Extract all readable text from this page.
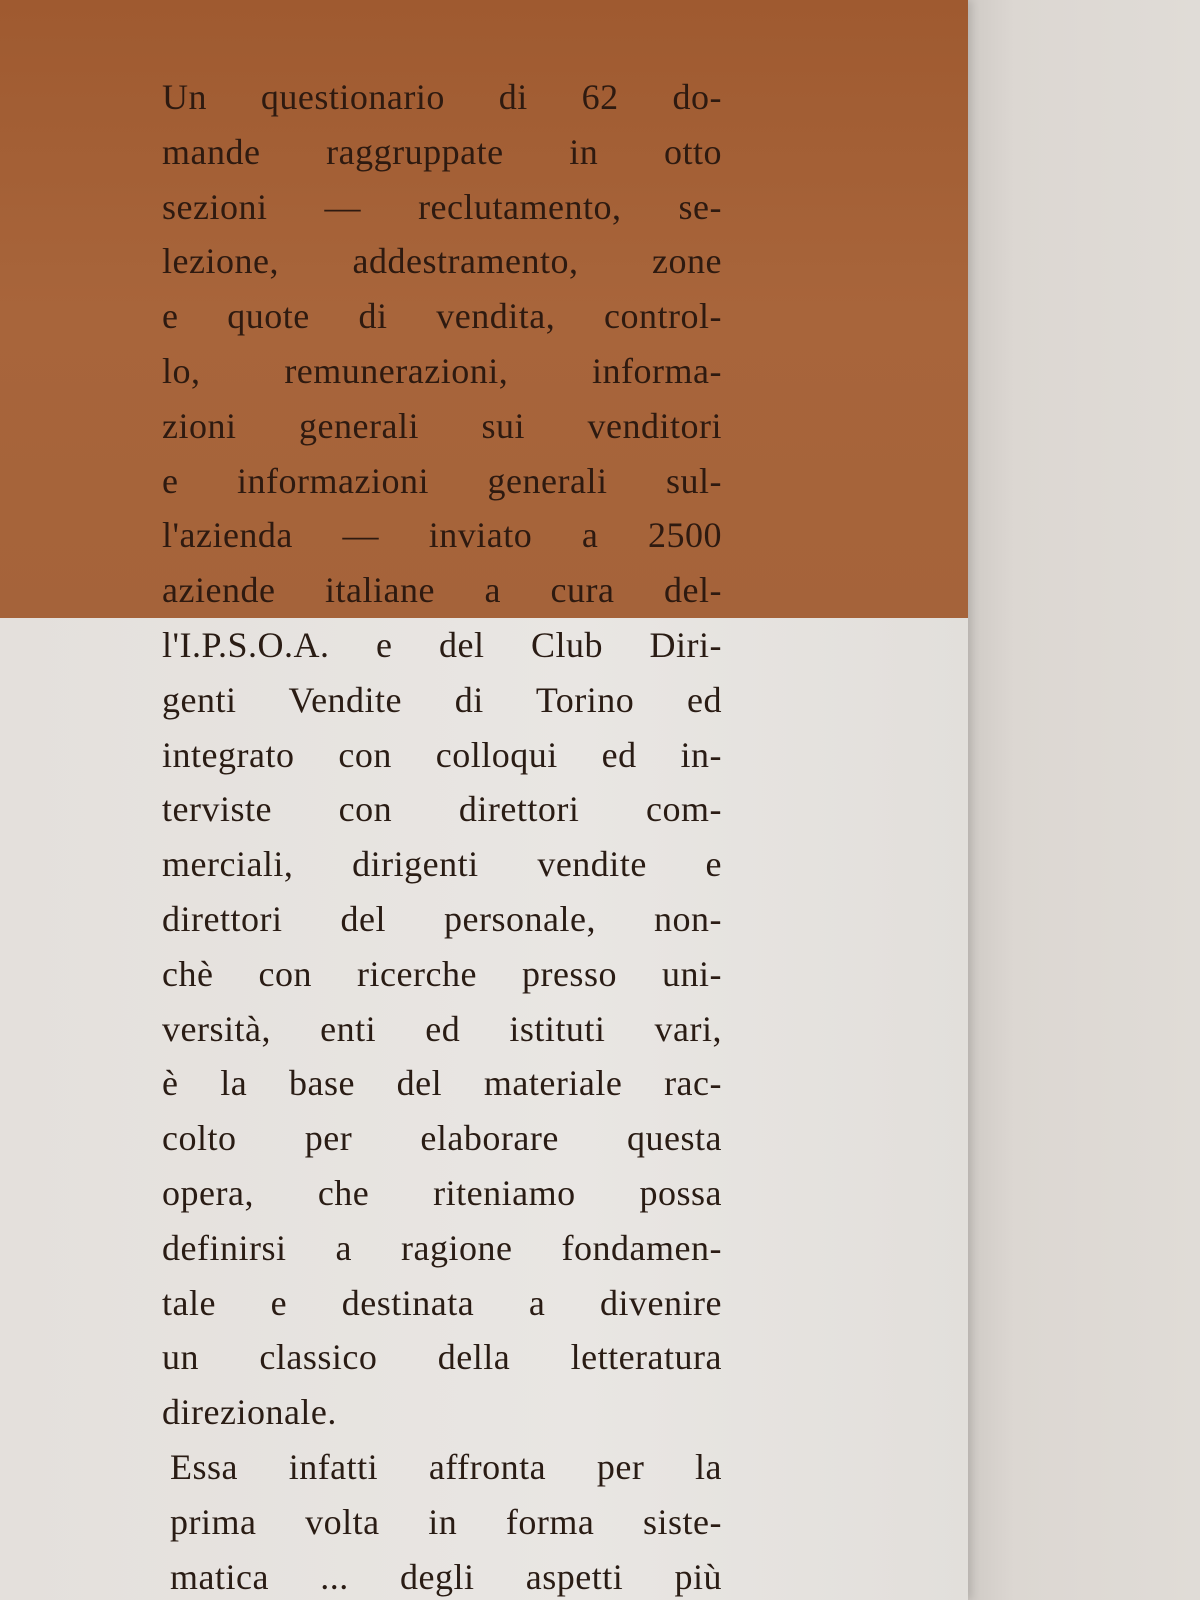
Un questionario di 62 do-
mande raggruppate in otto
sezioni — reclutamento, se-
lezione, addestramento, zone
e quote di vendita, control-
lo, remunerazioni, informa-
zioni generali sui venditori
e informazioni generali sul-
l'azienda — inviato a 2500
aziende italiane a cura del-
l'I.P.S.O.A. e del Club Diri-
genti Vendite di Torino ed
integrato con colloqui ed in-
terviste con direttori com-
merciali, dirigenti vendite e
direttori del personale, non-
chè con ricerche presso uni-
versità, enti ed istituti vari,
è la base del materiale rac-
colto per elaborare questa
opera, che riteniamo possa
definirsi a ragione fondamen-
tale e destinata a divenire
un classico della letteratura
direzionale.
Essa infatti affronta per la
prima volta in forma siste-
matica ... degli aspetti più
